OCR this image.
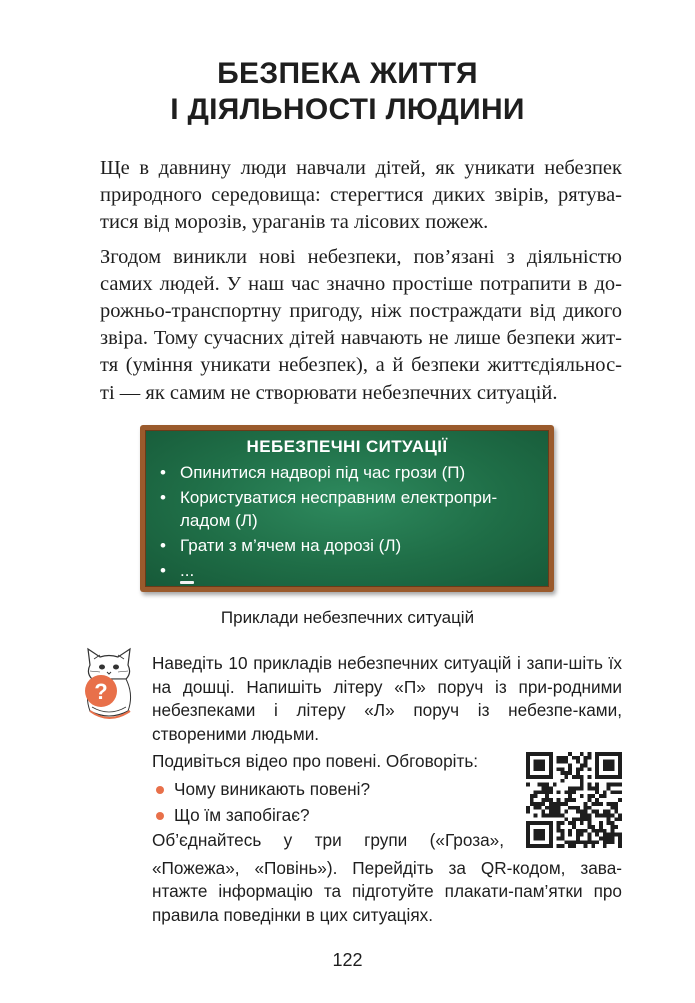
БЕЗПЕКА ЖИТТЯ
І ДІЯЛЬНОСТІ ЛЮДИНИ

Ще в давнину люди навчали дітей, як уникати небезпек
природного середовища: стерегтися диких звірів, рятува-
тися від морозів, ураганів та лісових пожеж.

Згодом виникли нові небезпеки, пов’язані з діяльністю
самих людей. У наш час значно простіше потрапити в до-
рожньо-транспортну пригоду, ніж постраждати від дикого
звіра. Тому сучасних дітей навчають не лише безпеки жит-
тя (уміння уникати небезпек), а й безпеки життєдіяльнос-
ті — як самим не створювати небезпечних ситуацій.

НЕБЕЗПЕЧНІ СИТУАЦІЇ
• Опинитися надворі під час грози (П)
• Користуватися несправним електропри-
ладом (Л)
• Грати з м’ячем на дорозі (Л)
• ...
Приклади небезпечних ситуацій
?

Наведіть 10 прикладів небезпечних ситуацій і запи-шіть їх на дошці. Напишіть літеру «П» поруч із при-родними небезпеками і літеру «Л» поруч із небезпе-ками, створеними людьми.

Подивіться відео про повені. Обговоріть:

Чому виникають повені?
Що їм запобігає?

Об’єднайтесь у три групи («Гроза»,

«Пожежа», «Повінь»). Перейдіть за QR-кодом, зава-нтажте інформацію та підготуйте плакати-пам’ятки про правила поведінки в цих ситуаціях.

122
